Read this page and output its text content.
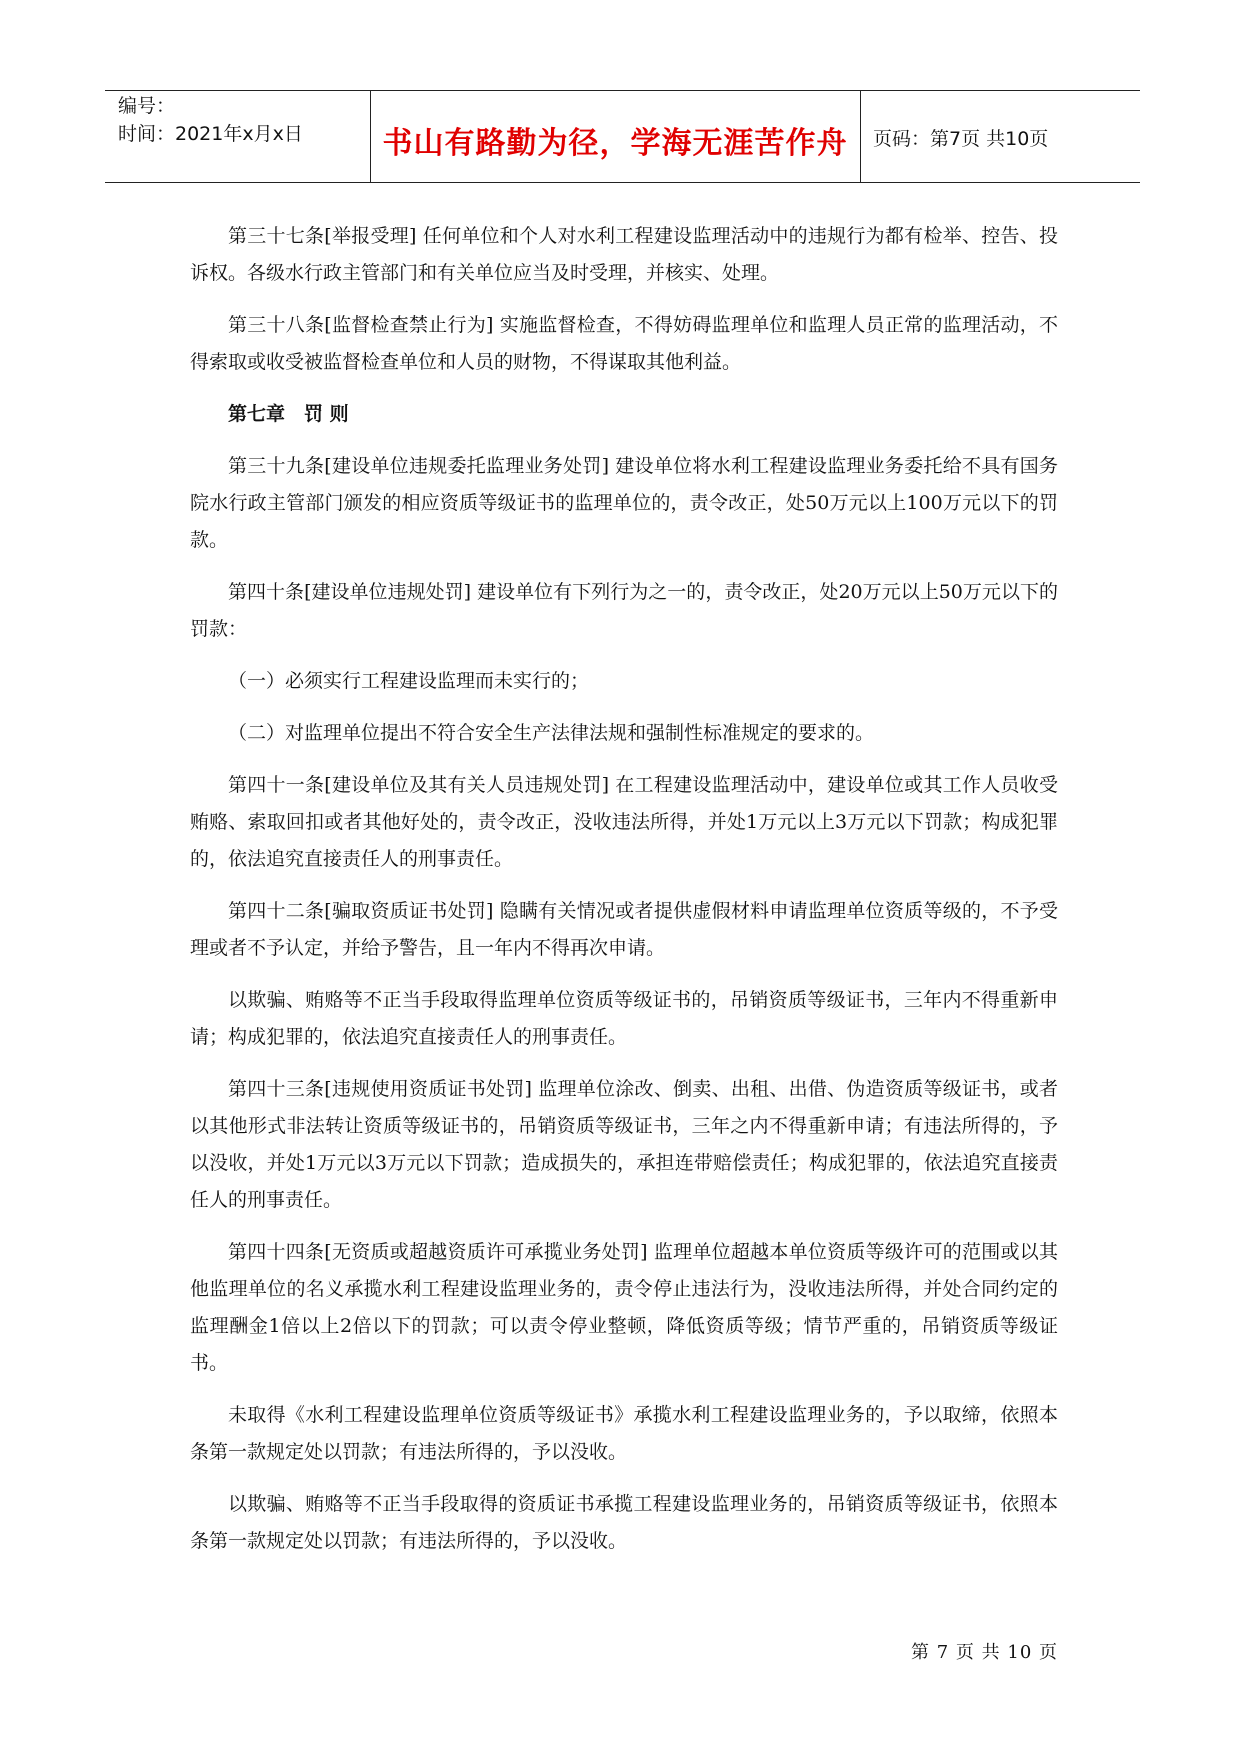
编号：
时间：2021年x月x日	书山有路勤为径，学海无涯苦作舟	页码：第7页 共10页

第三十七条[举报受理] 任何单位和个人对水利工程建设监理活动中的违规行为都有检举、控告、投诉权。各级水行政主管部门和有关单位应当及时受理，并核实、处理。

第三十八条[监督检查禁止行为] 实施监督检查，不得妨碍监理单位和监理人员正常的监理活动，不得索取或收受被监督检查单位和人员的财物，不得谋取其他利益。

第七章　罚 则

第三十九条[建设单位违规委托监理业务处罚] 建设单位将水利工程建设监理业务委托给不具有国务院水行政主管部门颁发的相应资质等级证书的监理单位的，责令改正，处50万元以上100万元以下的罚款。

第四十条[建设单位违规处罚] 建设单位有下列行为之一的，责令改正，处20万元以上50万元以下的罚款：

（一）必须实行工程建设监理而未实行的；

（二）对监理单位提出不符合安全生产法律法规和强制性标准规定的要求的。

第四十一条[建设单位及其有关人员违规处罚] 在工程建设监理活动中，建设单位或其工作人员收受贿赂、索取回扣或者其他好处的，责令改正，没收违法所得，并处1万元以上3万元以下罚款；构成犯罪的，依法追究直接责任人的刑事责任。

第四十二条[骗取资质证书处罚] 隐瞒有关情况或者提供虚假材料申请监理单位资质等级的，不予受理或者不予认定，并给予警告，且一年内不得再次申请。

以欺骗、贿赂等不正当手段取得监理单位资质等级证书的，吊销资质等级证书，三年内不得重新申请；构成犯罪的，依法追究直接责任人的刑事责任。

第四十三条[违规使用资质证书处罚] 监理单位涂改、倒卖、出租、出借、伪造资质等级证书，或者以其他形式非法转让资质等级证书的，吊销资质等级证书，三年之内不得重新申请；有违法所得的，予以没收，并处1万元以3万元以下罚款；造成损失的，承担连带赔偿责任；构成犯罪的，依法追究直接责任人的刑事责任。

第四十四条[无资质或超越资质许可承揽业务处罚] 监理单位超越本单位资质等级许可的范围或以其他监理单位的名义承揽水利工程建设监理业务的，责令停止违法行为，没收违法所得，并处合同约定的监理酬金1倍以上2倍以下的罚款；可以责令停业整顿，降低资质等级；情节严重的，吊销资质等级证书。

未取得《水利工程建设监理单位资质等级证书》承揽水利工程建设监理业务的，予以取缔，依照本条第一款规定处以罚款；有违法所得的，予以没收。

以欺骗、贿赂等不正当手段取得的资质证书承揽工程建设监理业务的，吊销资质等级证书，依照本条第一款规定处以罚款；有违法所得的，予以没收。

第 7 页 共 10 页
